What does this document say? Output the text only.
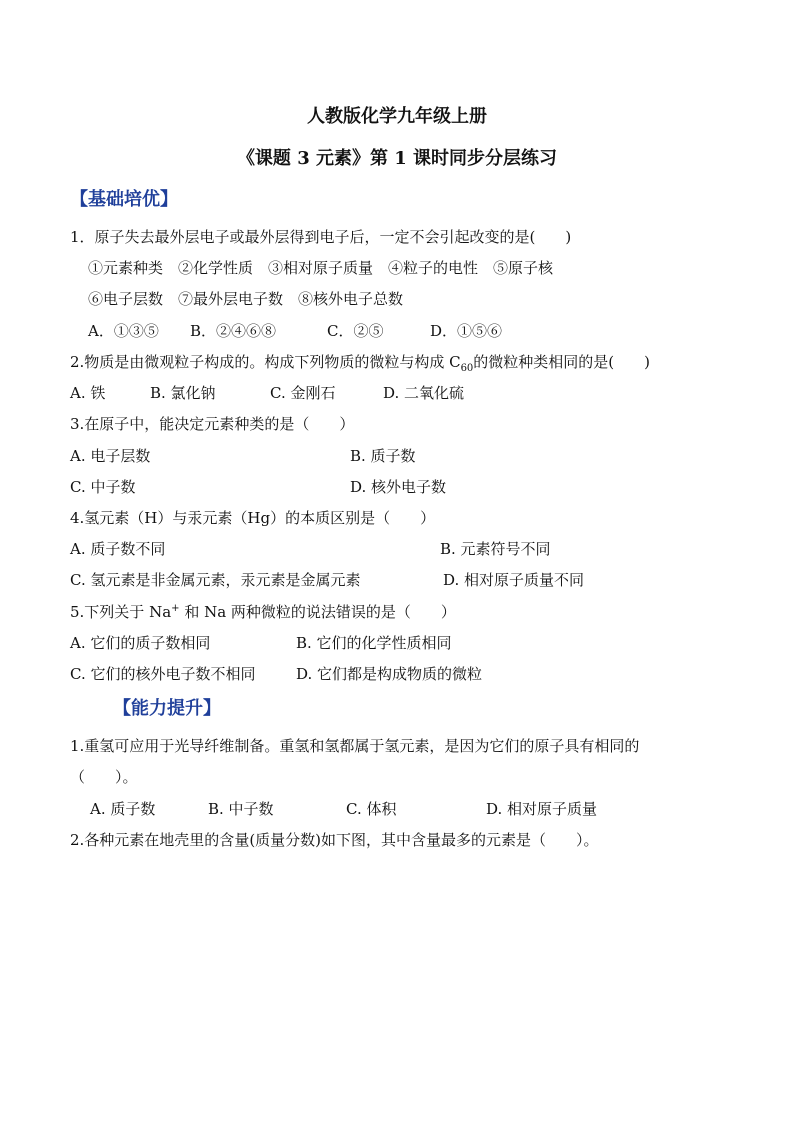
人教版化学九年级上册
《课题 3 元素》第 1 课时同步分层练习
【基础培优】
1．原子失去最外层电子或最外层得到电子后，一定不会引起改变的是(　　)
①元素种类　②化学性质　③相对原子质量　④粒子的电性　⑤原子核
⑥电子层数　⑦最外层电子数　⑧核外电子总数
A．①③⑤ B．②④⑥⑧	C．②⑤	D．①⑤⑥
2.物质是由微观粒子构成的。构成下列物质的微粒与构成 $C_{60}$的微粒种类相同的是(　　)
A. 铁	B. 氯化钠	C. 金刚石	D. 二氧化硫
3.在原子中，能决定元素种类的是（　　）
A. 电子层数	B. 质子数
C. 中子数	D. 核外电子数
4.氢元素（H）与汞元素（Hg）的本质区别是（　　）
A. 质子数不同	B. 元素符号不同
C. 氢元素是非金属元素，汞元素是金属元素	D. 相对原子质量不同
5.下列关于 Na+ 和 Na 两种微粒的说法错误的是（　　）
A. 它们的质子数相同	B. 它们的化学性质相同
C. 它们的核外电子数不相同	D. 它们都是构成物质的微粒
【能力提升】
1.重氢可应用于光导纤维制备。重氢和氢都属于氢元素，是因为它们的原子具有相同的
（　　）。
A. 质子数	B. 中子数	C. 体积	D. 相对原子质量
2.各种元素在地壳里的含量(质量分数)如下图，其中含量最多的元素是（　　）。
